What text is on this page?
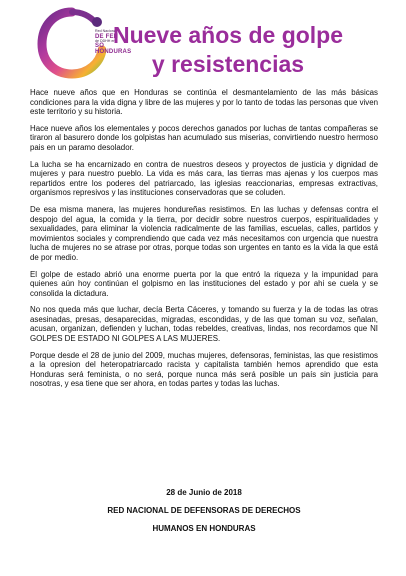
Red Nacional
DE FEN
de DDHH en
SO
HONDURAS
Nueve años de golpe
y resistencias

Hace nueve años que en Honduras se continúa el desmantelamiento de las más básicas condiciones para la vida digna y libre de las mujeres y por lo tanto de todas las personas que viven este territorio y su historia.

Hace nueve años los elementales y pocos derechos ganados por luchas de tantas compañeras se tiraron al basurero donde los golpistas han acumulado sus miserias, convirtiendo nuestro hermoso pais en un paramo desolador.

La lucha se ha encarnizado en contra de nuestros deseos y proyectos de justicia y dignidad de mujeres y para nuestro pueblo. La vida es más cara, las tierras mas ajenas y los cuerpos mas repartidos entre los poderes del patriarcado, las iglesias reaccionarias, empresas extractivas, organismos represivos y las instituciones conservadoras que se coluden.

De esa misma manera, las mujeres hondureñas resistimos. En las luchas y defensas contra el despojo del agua, la comida y la tierra, por decidir sobre nuestros cuerpos, espiritualidades y sexualidades, para eliminar la violencia radicalmente de las familias, escuelas, calles, partidos y movimientos sociales y comprendiendo que cada vez más necesitamos con urgencia que nuestra lucha de mujeres no se atrase por otras, porque todas son urgentes en tanto es la vida la que está de por medio.

El golpe de estado abrió una enorme puerta por la que entró la riqueza y la impunidad para quienes aún hoy continúan el golpismo en las instituciones del estado y por ahi se cuela y se consolida la dictadura.

No nos queda más que luchar, decía Berta Cáceres, y tomando su fuerza y la de todas las otras asesinadas, presas, desaparecidas, migradas, escondidas, y de las que toman su voz, señalan, acusan, organizan, defienden y luchan, todas rebeldes, creativas, lindas, nos recordamos que NI GOLPES DE ESTADO NI GOLPES A LAS MUJERES.

Porque desde el 28 de junio del 2009, muchas mujeres, defensoras, feministas, las que resistimos a la opresion del heteropatriarcado racista y capitalista también hemos aprendido que esta Honduras será feminista, o no será, porque nunca más será posible un país sin justicia para nosotras, y esa tiene que ser ahora, en todas partes y todas las luchas.

28 de Junio de 2018
RED NACIONAL DE DEFENSORAS DE DERECHOS
HUMANOS EN HONDURAS
